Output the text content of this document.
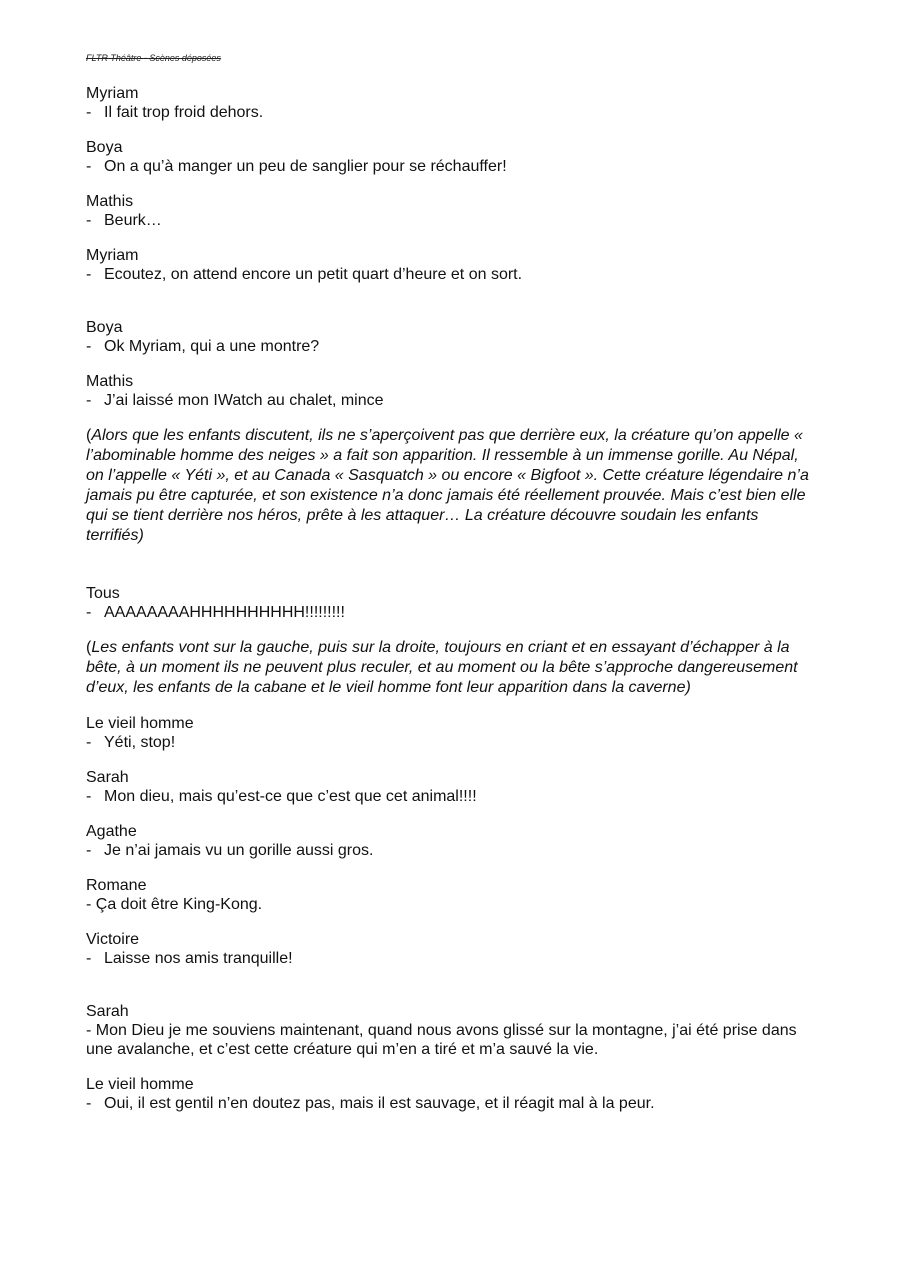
FLTR Théâtre - Scènes déposées

Myriam

- Il fait trop froid dehors.

Boya

- On a qu’à manger un peu de sanglier pour se réchauffer!

Mathis

- Beurk…

Myriam

- Ecoutez, on attend encore un petit quart d’heure et on sort.

Boya

- Ok Myriam, qui a une montre?

Mathis

- J’ai laissé mon IWatch au chalet, mince

(Alors que les enfants discutent, ils ne s’aperçoivent pas que derrière eux, la créature qu’on appelle « l’abominable homme des neiges » a fait son apparition. Il ressemble à un immense gorille. Au Népal, on l’appelle « Yéti », et au Canada « Sasquatch » ou encore « Bigfoot ». Cette créature légendaire n’a jamais pu être capturée, et son existence n’a donc jamais été réellement prouvée. Mais c’est bien elle qui se tient derrière nos héros, prête à les attaquer… La créature découvre soudain les enfants terrifiés)

Tous

- AAAAAAAAHHHHHHHHHH!!!!!!!!!

(Les enfants vont sur la gauche, puis sur la droite, toujours en criant et en essayant d’échapper à la bête, à un moment ils ne peuvent plus reculer, et au moment ou la bête s’approche dangereusement d’eux, les enfants de la cabane et le vieil homme font leur apparition dans la caverne)

Le vieil homme

- Yéti, stop!

Sarah

- Mon dieu, mais qu’est-ce que c’est que cet animal!!!!

Agathe

- Je n’ai jamais vu un gorille aussi gros.

Romane

- Ça doit être King-Kong.

Victoire

- Laisse nos amis tranquille!

Sarah

- Mon Dieu je me souviens maintenant, quand nous avons glissé sur la montagne, j’ai été prise dans une avalanche, et c’est cette créature qui m’en a tiré et m’a sauvé la vie.

Le vieil homme

- Oui, il est gentil n’en doutez pas, mais il est sauvage, et il réagit mal à la peur.
